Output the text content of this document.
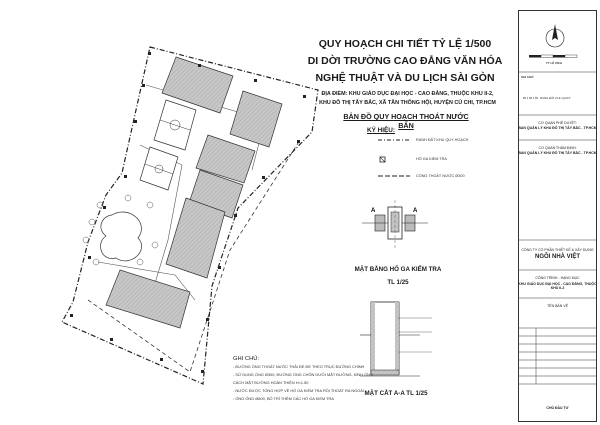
A	A
QUY HOẠCH CHI TIẾT TỶ LỆ 1/500
DI DỜI TRƯỜNG CAO ĐẲNG VĂN HÓA
NGHỆ THUẬT VÀ DU LỊCH SÀI GÒN
ĐỊA ĐIỂM: KHU GIÁO DỤC ĐẠI HỌC - CAO ĐẲNG, THUỘC KHU II-2,
KHU ĐÔ THỊ TÂY BẮC, XÃ TÂN THÔNG HỘI, HUYỆN CỦ CHI, TP.HCM
BẢN ĐỒ QUY HOẠCH THOÁT NƯỚC BẨN
KÝ HIỆU:
RANH ĐẤT KHU QUY HOẠCH
HỐ GA KIỂM TRA
CỐNG THOÁT NƯỚC Ø300
MẶT BẰNG HỐ GA KIỂM TRA
TL 1/25
MẶT CẮT A-A TL 1/25
GHI CHÚ:
- ĐƯỜNG ỐNG THOÁT NƯỚC THẢI ĐỂ ĐỂ THEO TRỤC ĐƯỜNG CHÍNH
- SỬ DỤNG ỐNG Ø300, ĐƯỜNG ỐNG CHÔN DƯỚI MẶT ĐƯỜNG, KÍNH ỐNG
CÁCH MẶT ĐƯỜNG HOÀN THIỆN H=1.50
- NƯỚC ĐƯỢC TỔNG HỢP VỀ HỐ GA KIỂM TRA RỒI THOÁT RA NGOÀI
- ỐNG ỐNG Ø800, BỐ TRÍ THÊM CÁC HỐ GA KIỂM TRA
TỶ LỆ XÍCH
GHI CHÚ:
RANH ĐẤT KHU QHCT
CƠ QUAN PHÊ DUYỆT:
BAN QUẢN LÝ KHU ĐÔ THỊ TÂY BẮC - TP.HCM
CƠ QUAN THẨM ĐỊNH:
BAN QUẢN LÝ KHU ĐÔ THỊ TÂY BẮC - TP.HCM
CÔNG TY CỔ PHẦN THIẾT KẾ & XÂY DỰNG
NGÔI NHÀ VIỆT
CÔNG TRÌNH - HẠNG MỤC
KHU GIÁO DỤC ĐẠI HỌC - CAO ĐẲNG, THUỘC KHU II-2
TÊN BẢN VẼ
CHỦ ĐẦU TƯ
